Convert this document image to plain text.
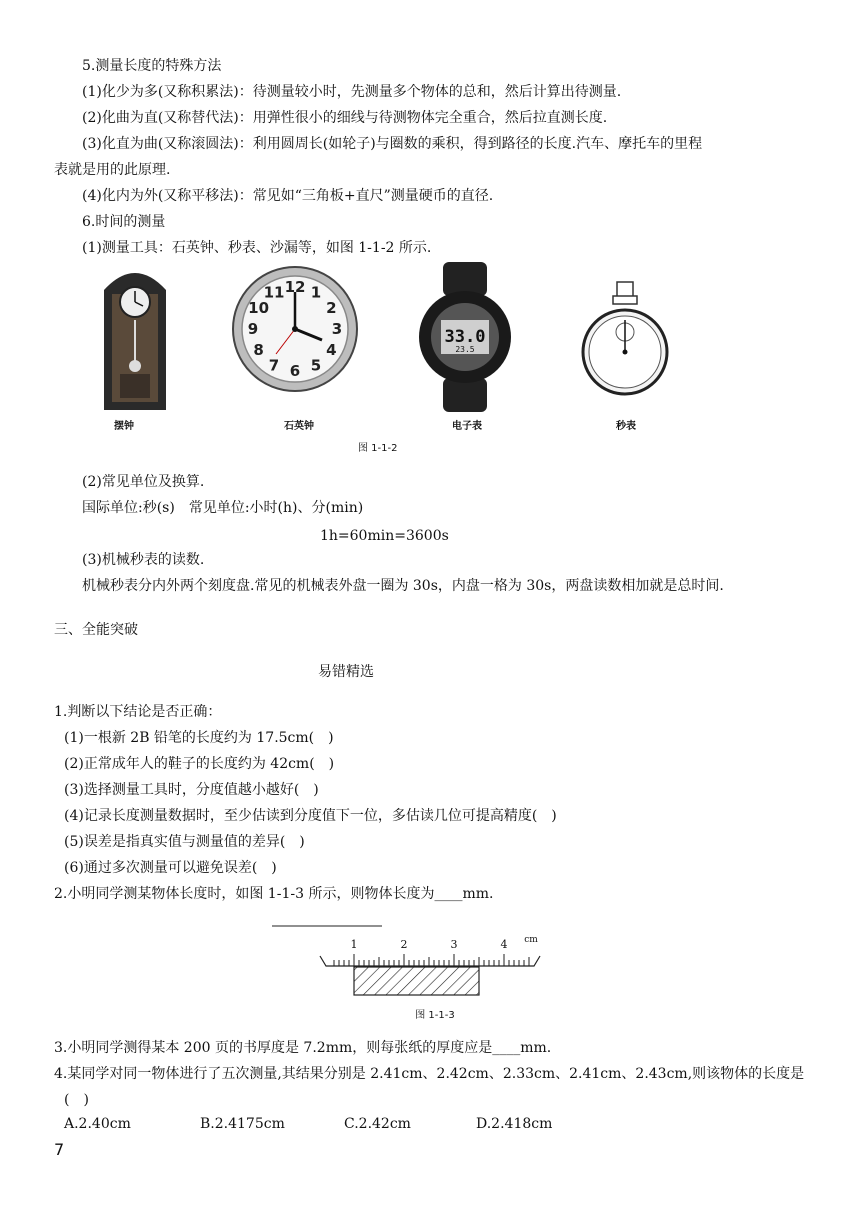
5.测量长度的特殊方法
(1)化少为多(又称积累法)：待测量较小时，先测量多个物体的总和，然后计算出待测量.
(2)化曲为直(又称替代法)：用弹性很小的细线与待测物体完全重合，然后拉直测长度.
(3)化直为曲(又称滚圆法)：利用圆周长(如轮子)与圈数的乘积，得到路径的长度.汽车、摩托车的里程
表就是用的此原理.
(4)化内为外(又称平移法)：常见如“三角板+直尺”测量硬币的直径.
6.时间的测量
(1)测量工具：石英钟、秒表、沙漏等，如图 1-1-2 所示.
12 1
2
3
4
5
6
7
8
9
10
11
33.0
23.5
摆钟	石英钟	电子表	秒表
图 1-1-2
(2)常见单位及换算.
国际单位:秒(s)　常见单位:小时(h)、分(min)
1h=60min=3600s
(3)机械秒表的读数.
机械秒表分内外两个刻度盘.常见的机械表外盘一圈为 30s，内盘一格为 30s，两盘读数相加就是总时间.
三、全能突破
易错精选
1.判断以下结论是否正确：
(1)一根新 2B 铅笔的长度约为 17.5cm(　)
(2)正常成年人的鞋子的长度约为 42cm(　)
(3)选择测量工具时，分度值越小越好(　)
(4)记录长度测量数据时，至少估读到分度值下一位，多估读几位可提高精度(　)
(5)误差是指真实值与测量值的差异(　)
(6)通过多次测量可以避免误差(　)
2.小明同学测某物体长度时，如图 1-1-3 所示，则物体长度为____mm.
1	2	3	4 cm
图 1-1-3
3.小明同学测得某本 200 页的书厚度是 7.2mm，则每张纸的厚度应是____mm.
4.某同学对同一物体进行了五次测量,其结果分别是 2.41cm、2.42cm、2.33cm、2.41cm、2.43cm,则该物体的长度是
(　)
A.2.40cm	B.2.4175cm	C.2.42cm	D.2.418cm
7
